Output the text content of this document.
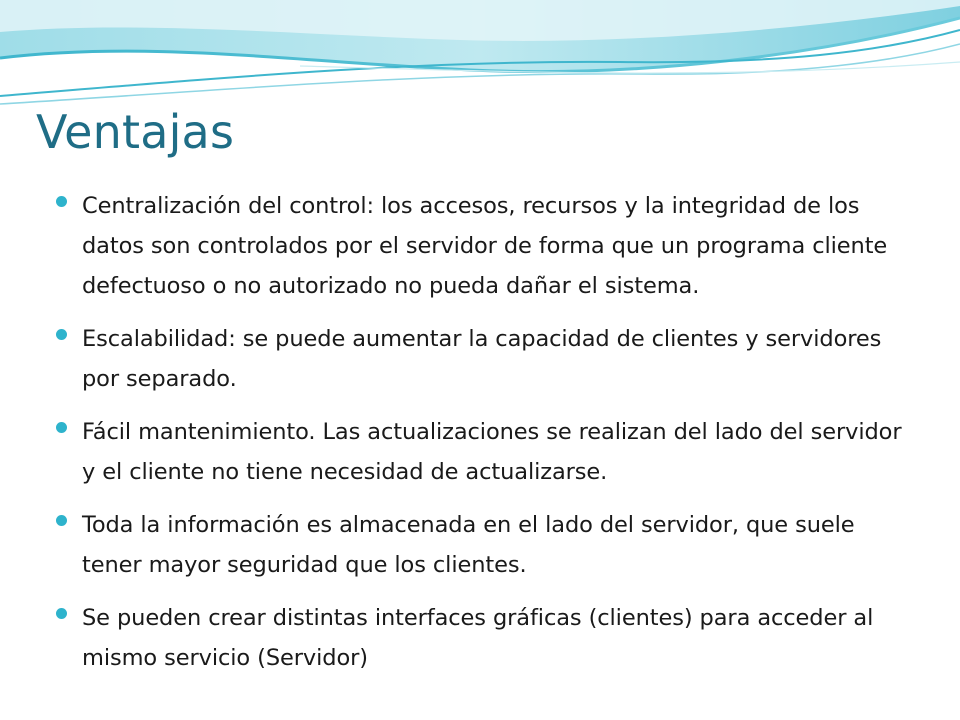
Ventajas
Centralización del control: los accesos, recursos y la integridad de los datos son controlados por el servidor de forma que un programa cliente defectuoso o no autorizado no pueda dañar el sistema.
Escalabilidad: se puede aumentar la capacidad de clientes y servidores por separado.
Fácil mantenimiento. Las actualizaciones se realizan del lado del servidor y el cliente no tiene necesidad de actualizarse.
Toda la información es almacenada en el lado del servidor, que suele tener mayor seguridad que los clientes.
Se pueden crear distintas interfaces gráficas (clientes) para acceder al mismo servicio (Servidor)
